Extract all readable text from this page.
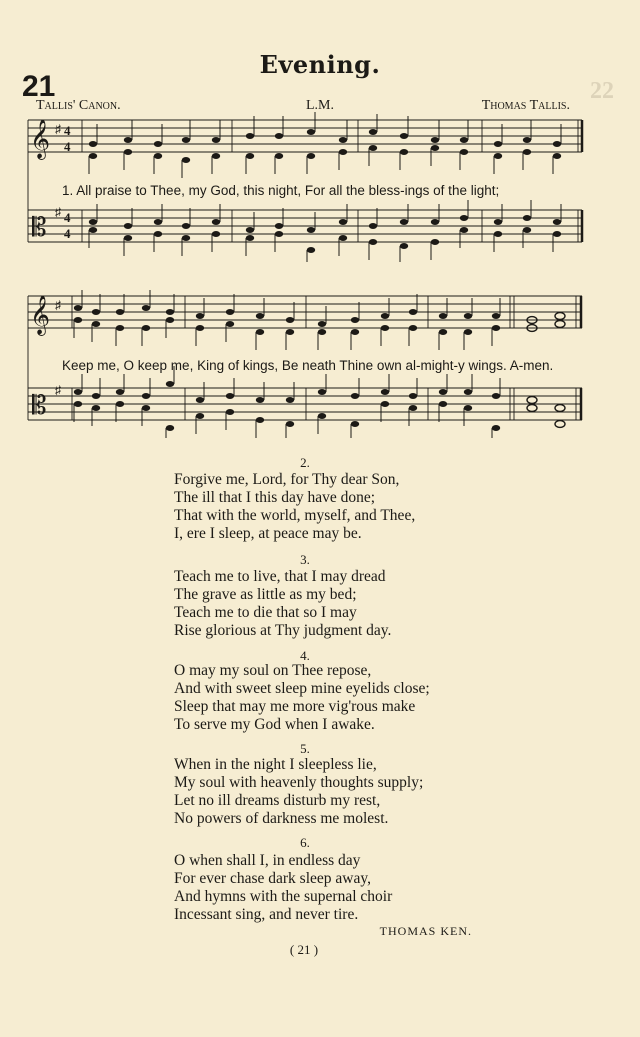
22
Evening.
21
Tallis' Canon.	L.M.	Thomas Tallis.
𝄞
𝄡
♯
♯
4
4
4
4
1. All praise to Thee, my God, this night, For all the bless-ings of the light;
𝄞
𝄡
♯
♯
Keep me, O keep me, King of kings, Be neath Thine own al-might-y wings. A-men.
2.
Forgive me, Lord, for Thy dear Son,
The ill that I this day have done;
That with the world, myself, and Thee,
I, ere I sleep, at peace may be.
3.
Teach me to live, that I may dread
The grave as little as my bed;
Teach me to die that so I may
Rise glorious at Thy judgment day.
4.
O may my soul on Thee repose,
And with sweet sleep mine eyelids close;
Sleep that may me more vig'rous make
To serve my God when I awake.
5.
When in the night I sleepless lie,
My soul with heavenly thoughts supply;
Let no ill dreams disturb my rest,
No powers of darkness me molest.
6.
O when shall I, in endless day
For ever chase dark sleep away,
And hymns with the supernal choir
Incessant sing, and never tire.
THOMAS KEN.
( 21 )
